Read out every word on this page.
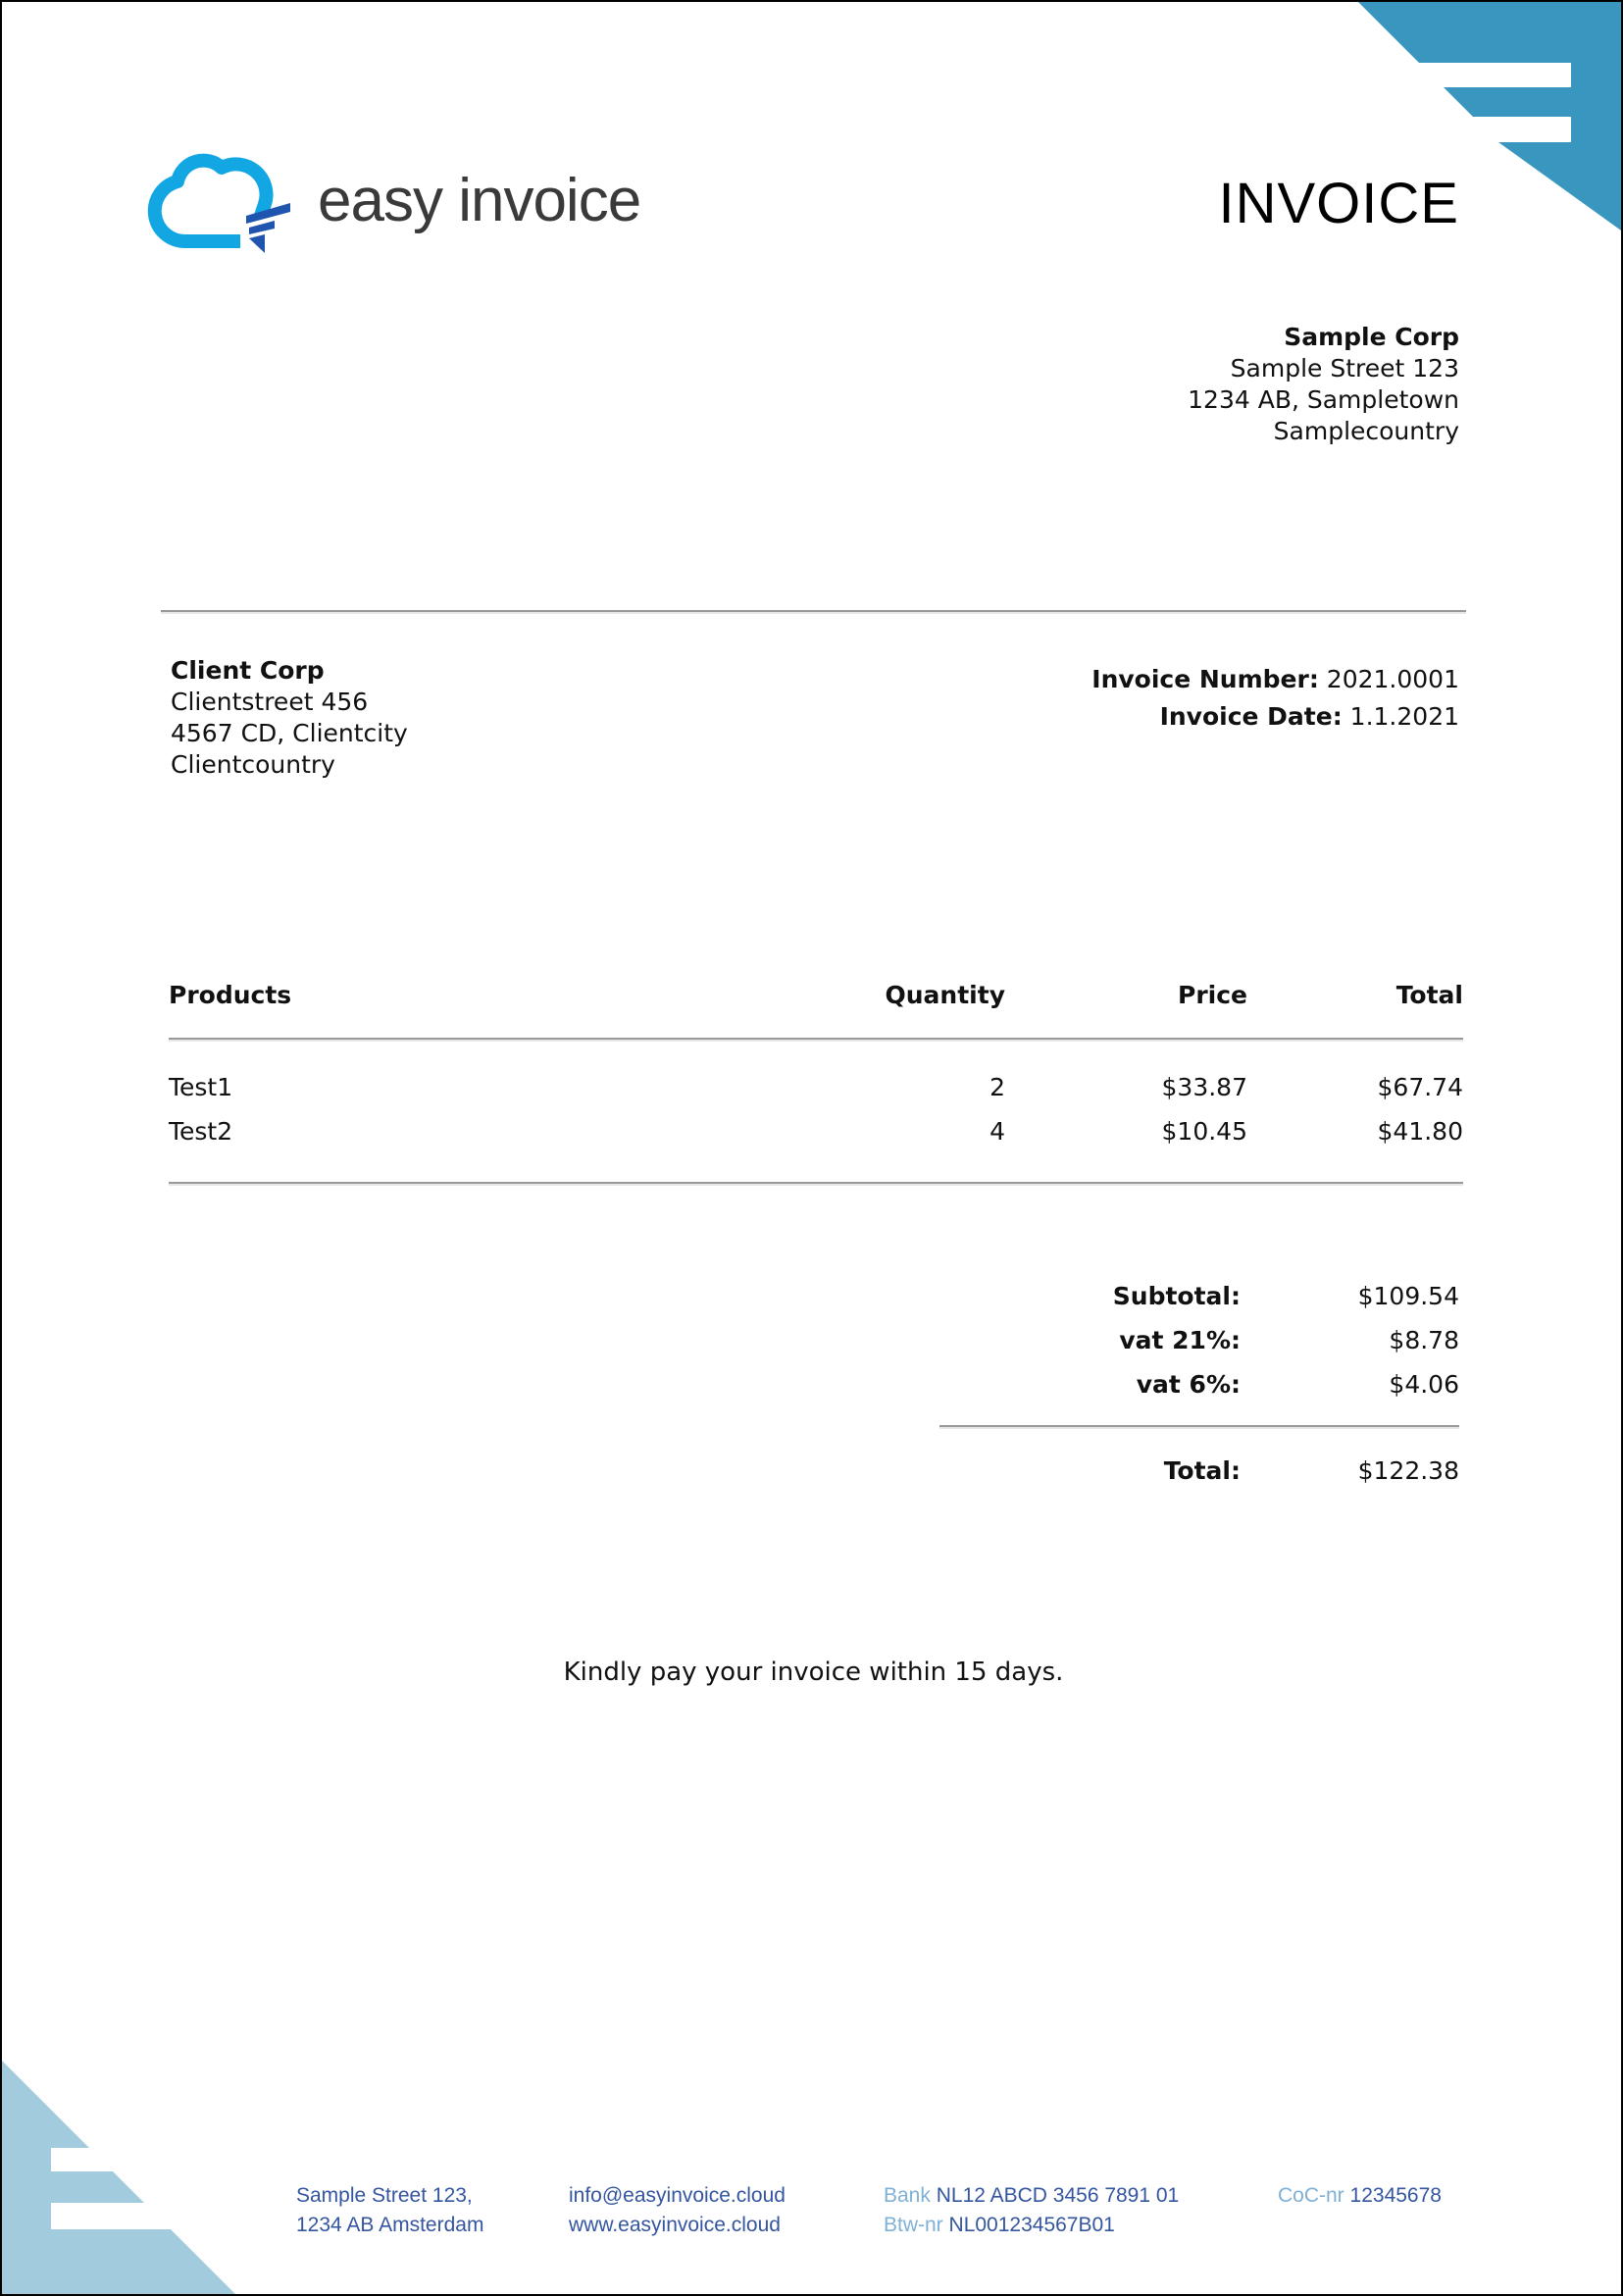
easy invoice	INVOICE
Sample Corp
Sample Street 123
1234 AB, Sampletown
Samplecountry
Client Corp
Clientstreet 456
4567 CD, Clientcity
Clientcountry
Invoice Number: 2021.0001
Invoice Date: 1.1.2021
Products	Quantity	Price	Total
Test1	2	$33.87	$67.74
Test2	4	$10.45	$41.80
Subtotal:	$109.54
vat 21%:	$8.78
vat 6%:	$4.06
Total:	$122.38
Kindly pay your invoice within 15 days.
Sample Street 123,
1234 AB Amsterdam
info@easyinvoice.cloud
www.easyinvoice.cloud
Bank NL12 ABCD 3456 7891 01
Btw-nr NL001234567B01
CoC-nr 12345678
